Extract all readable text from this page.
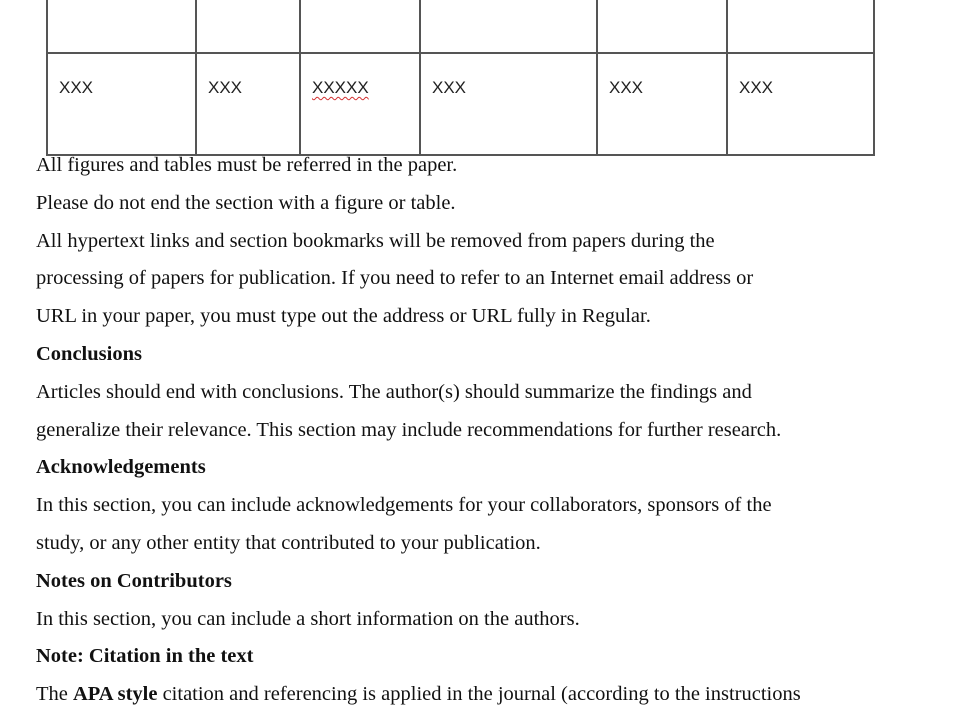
XXX	XXX	XXXXX	XXX	XXX	XXX
All figures and tables must be referred in the paper.
Please do not end the section with a figure or table.
All hypertext links and section bookmarks will be removed from papers during the
processing of papers for publication. If you need to refer to an Internet email address or
URL in your paper, you must type out the address or URL fully in Regular.
Conclusions
Articles should end with conclusions. The author(s) should summarize the findings and
generalize their relevance. This section may include recommendations for further research.
Acknowledgements
In this section, you can include acknowledgements for your collaborators, sponsors of the
study, or any other entity that contributed to your publication.
Notes on Contributors
In this section, you can include a short information on the authors.
Note: Citation in the text
The APA style citation and referencing is applied in the journal (according to the instructions
